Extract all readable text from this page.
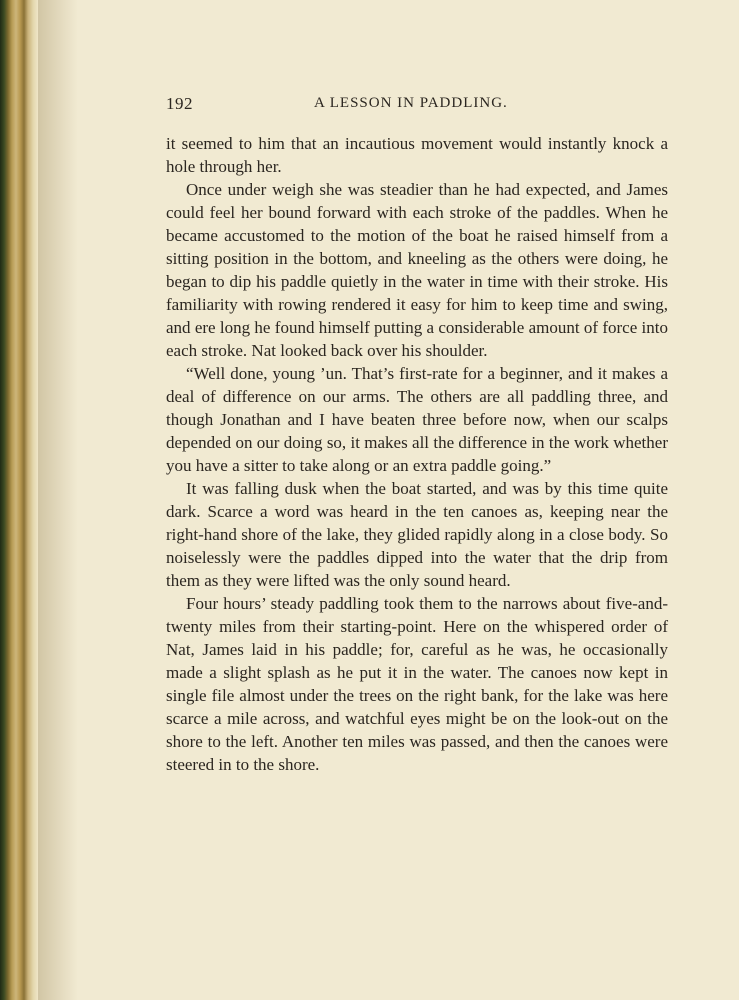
192	A LESSON IN PADDLING.

it seemed to him that an incautious movement would instantly knock a hole through her.

Once under weigh she was steadier than he had expected, and James could feel her bound forward with each stroke of the paddles. When he became accustomed to the motion of the boat he raised himself from a sitting position in the bottom, and kneeling as the others were doing, he began to dip his paddle quietly in the water in time with their stroke. His familiarity with rowing rendered it easy for him to keep time and swing, and ere long he found himself putting a considerable amount of force into each stroke. Nat looked back over his shoulder.

“Well done, young ’un. That’s first-rate for a beginner, and it makes a deal of difference on our arms. The others are all paddling three, and though Jonathan and I have beaten three before now, when our scalps depended on our doing so, it makes all the difference in the work whether you have a sitter to take along or an extra paddle going.”

It was falling dusk when the boat started, and was by this time quite dark. Scarce a word was heard in the ten canoes as, keeping near the right-hand shore of the lake, they glided rapidly along in a close body. So noiselessly were the paddles dipped into the water that the drip from them as they were lifted was the only sound heard.

Four hours’ steady paddling took them to the narrows about five-and-twenty miles from their starting-point. Here on the whispered order of Nat, James laid in his paddle; for, careful as he was, he occasionally made a slight splash as he put it in the water. The canoes now kept in single file almost under the trees on the right bank, for the lake was here scarce a mile across, and watchful eyes might be on the look-out on the shore to the left. Another ten miles was passed, and then the canoes were steered in to the shore.
